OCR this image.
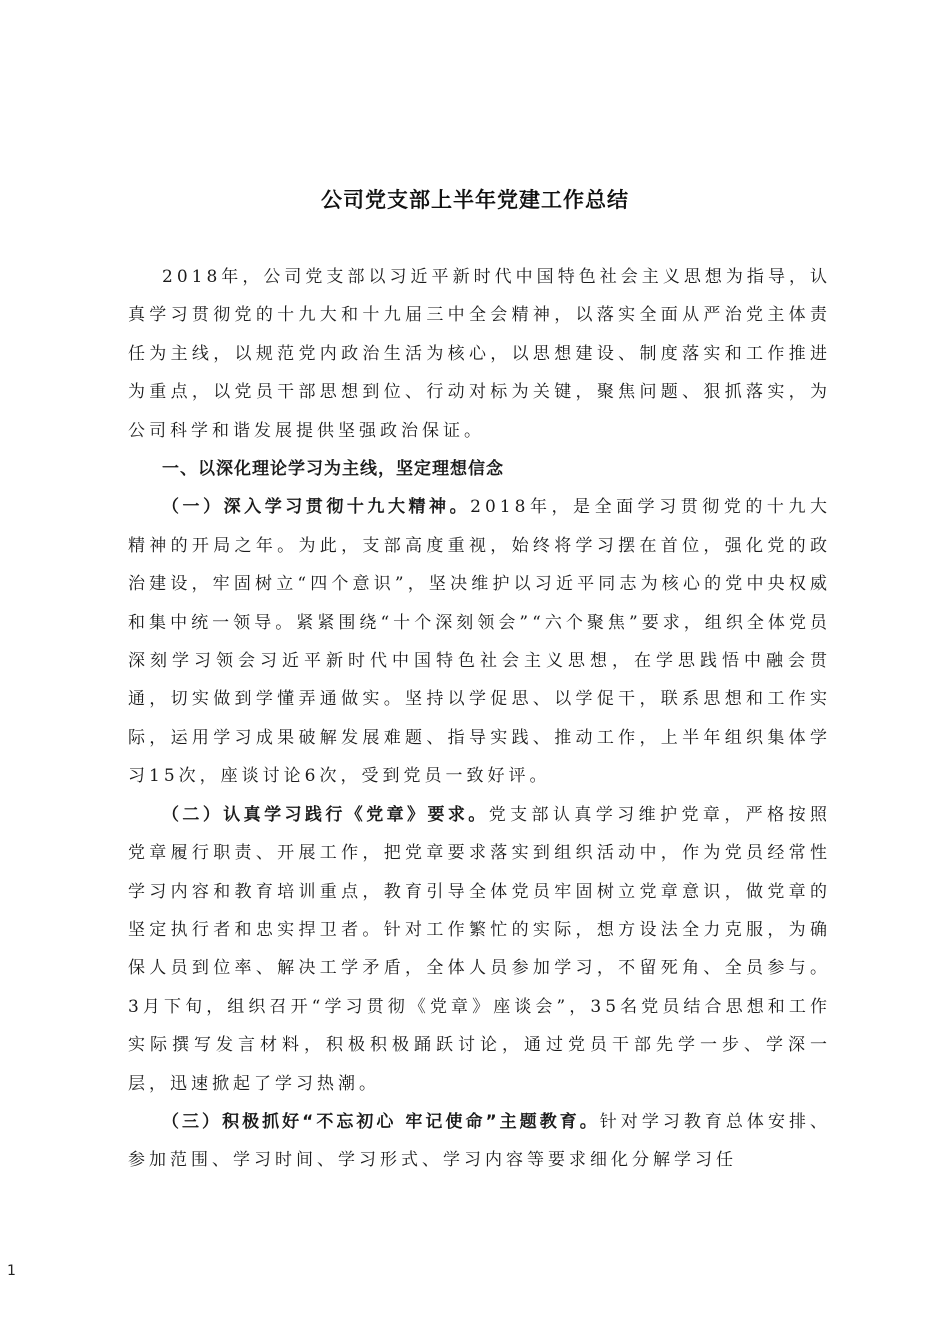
公司党支部上半年党建工作总结

2018年，公司党支部以习近平新时代中国特色社会主义思想为指导，认真学习贯彻党的十九大和十九届三中全会精神，以落实全面从严治党主体责任为主线，以规范党内政治生活为核心，以思想建设、制度落实和工作推进为重点，以党员干部思想到位、行动对标为关键，聚焦问题、狠抓落实，为公司科学和谐发展提供坚强政治保证。

一、以深化理论学习为主线，坚定理想信念

（一）深入学习贯彻十九大精神。2018年，是全面学习贯彻党的十九大精神的开局之年。为此，支部高度重视，始终将学习摆在首位，强化党的政治建设，牢固树立“四个意识”，坚决维护以习近平同志为核心的党中央权威和集中统一领导。紧紧围绕“十个深刻领会”“六个聚焦”要求，组织全体党员深刻学习领会习近平新时代中国特色社会主义思想，在学思践悟中融会贯通，切实做到学懂弄通做实。坚持以学促思、以学促干，联系思想和工作实际，运用学习成果破解发展难题、指导实践、推动工作，上半年组织集体学习15次，座谈讨论6次，受到党员一致好评。

（二）认真学习践行《党章》要求。党支部认真学习维护党章，严格按照党章履行职责、开展工作，把党章要求落实到组织活动中，作为党员经常性学习内容和教育培训重点，教育引导全体党员牢固树立党章意识，做党章的坚定执行者和忠实捍卫者。针对工作繁忙的实际，想方设法全力克服，为确保人员到位率、解决工学矛盾，全体人员参加学习，不留死角、全员参与。3月下旬，组织召开“学习贯彻《党章》座谈会”，35名党员结合思想和工作实际撰写发言材料，积极积极踊跃讨论，通过党员干部先学一步、学深一层，迅速掀起了学习热潮。

（三）积极抓好“不忘初心 牢记使命”主题教育。针对学习教育总体安排、参加范围、学习时间、学习形式、学习内容等要求细化分解学习任

1
